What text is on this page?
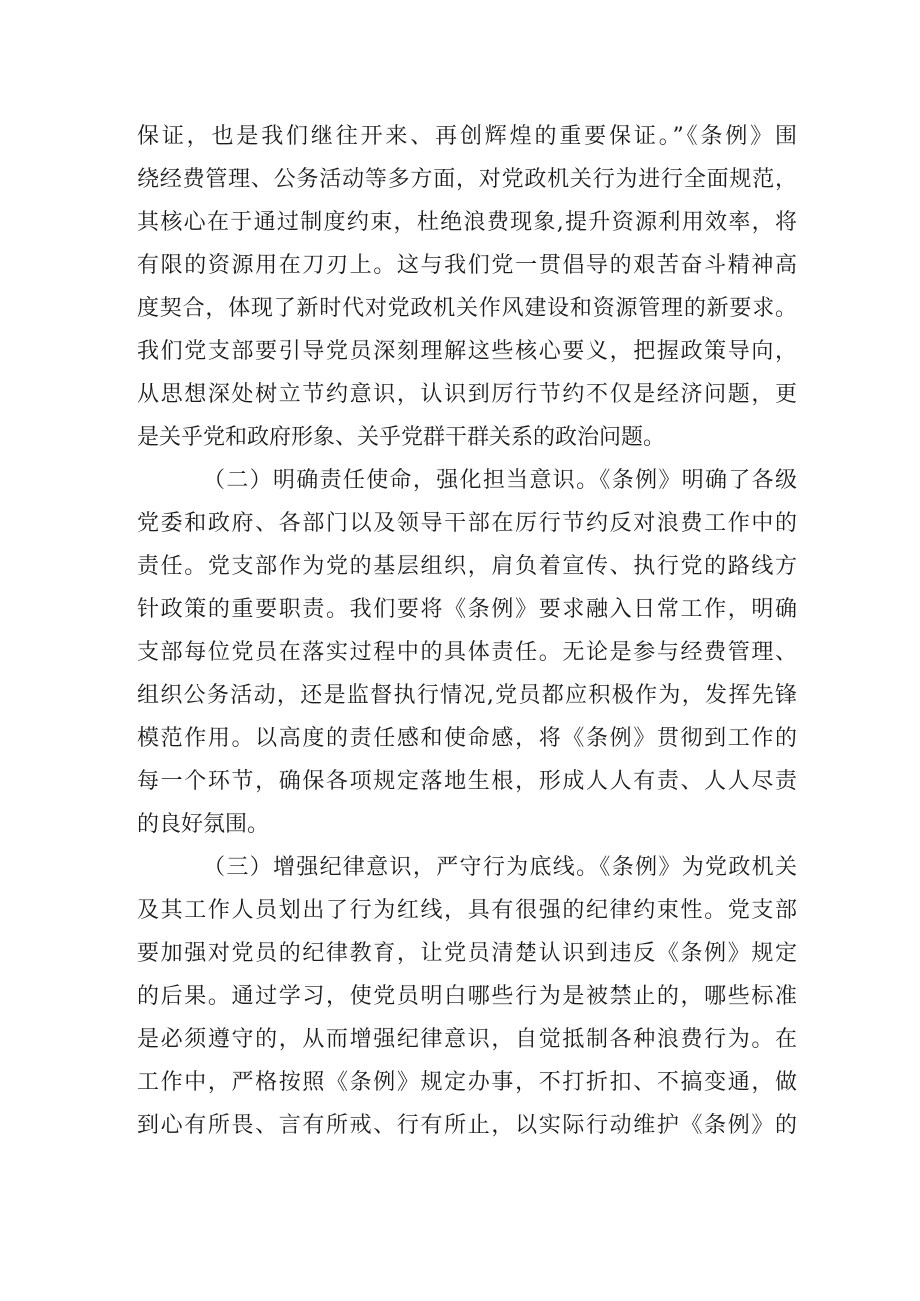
保证，也是我们继往开来、再创辉煌的重要保证。”《条例》围
绕经费管理、公务活动等多方面，对党政机关行为进行全面规范，
其核心在于通过制度约束，杜绝浪费现象,提升资源利用效率，将
有限的资源用在刀刃上。这与我们党一贯倡导的艰苦奋斗精神高
度契合，体现了新时代对党政机关作风建设和资源管理的新要求。
我们党支部要引导党员深刻理解这些核心要义，把握政策导向，
从思想深处树立节约意识，认识到厉行节约不仅是经济问题，更
是关乎党和政府形象、关乎党群干群关系的政治问题。
（二）明确责任使命，强化担当意识。《条例》明确了各级
党委和政府、各部门以及领导干部在厉行节约反对浪费工作中的
责任。党支部作为党的基层组织，肩负着宣传、执行党的路线方
针政策的重要职责。我们要将《条例》要求融入日常工作，明确
支部每位党员在落实过程中的具体责任。无论是参与经费管理、
组织公务活动，还是监督执行情况,党员都应积极作为，发挥先锋
模范作用。以高度的责任感和使命感，将《条例》贯彻到工作的
每一个环节，确保各项规定落地生根，形成人人有责、人人尽责
的良好氛围。
（三）增强纪律意识，严守行为底线。《条例》为党政机关
及其工作人员划出了行为红线，具有很强的纪律约束性。党支部
要加强对党员的纪律教育，让党员清楚认识到违反《条例》规定
的后果。通过学习，使党员明白哪些行为是被禁止的，哪些标准
是必须遵守的，从而增强纪律意识，自觉抵制各种浪费行为。在
工作中，严格按照《条例》规定办事，不打折扣、不搞变通，做
到心有所畏、言有所戒、行有所止，以实际行动维护《条例》的
